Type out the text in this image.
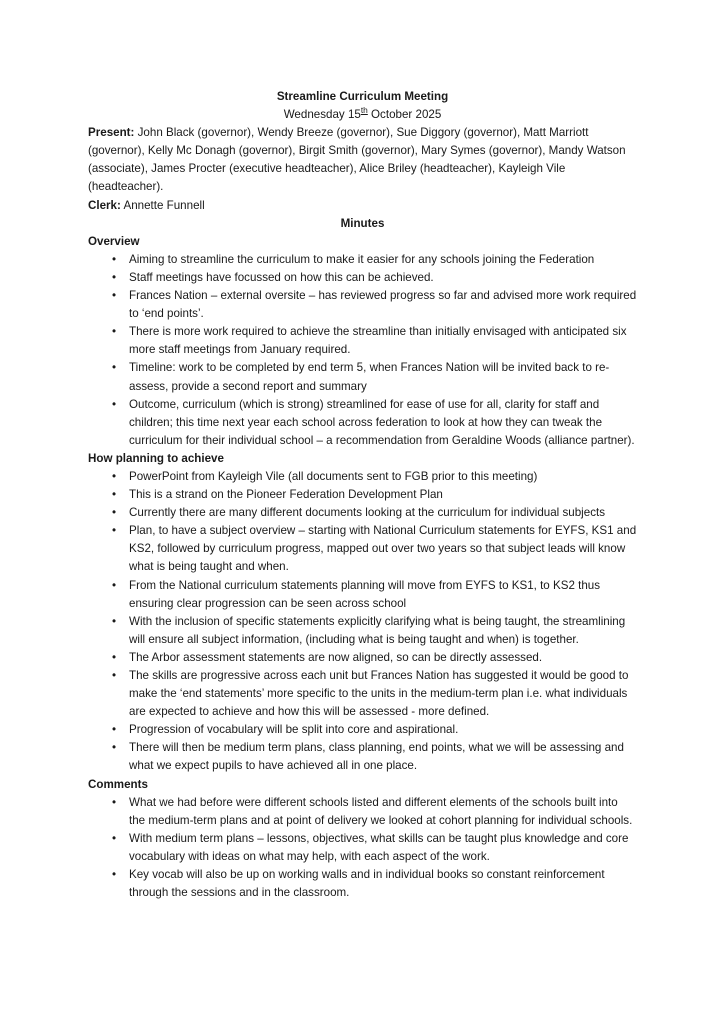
Streamline Curriculum Meeting
Wednesday 15th October 2025
Present: John Black (governor), Wendy Breeze (governor), Sue Diggory (governor), Matt Marriott (governor), Kelly Mc Donagh (governor), Birgit Smith (governor), Mary Symes (governor), Mandy Watson (associate), James Procter (executive headteacher), Alice Briley (headteacher), Kayleigh Vile (headteacher).
Clerk: Annette Funnell
Minutes
Overview
• Aiming to streamline the curriculum to make it easier for any schools joining the Federation
• Staff meetings have focussed on how this can be achieved.
• Frances Nation – external oversite – has reviewed progress so far and advised more work required to ‘end points’.
• There is more work required to achieve the streamline than initially envisaged with anticipated six more staff meetings from January required.
• Timeline: work to be completed by end term 5, when Frances Nation will be invited back to re-assess, provide a second report and summary
• Outcome, curriculum (which is strong) streamlined for ease of use for all, clarity for staff and children; this time next year each school across federation to look at how they can tweak the curriculum for their individual school – a recommendation from Geraldine Woods (alliance partner).
How planning to achieve
• PowerPoint from Kayleigh Vile (all documents sent to FGB prior to this meeting)
• This is a strand on the Pioneer Federation Development Plan
• Currently there are many different documents looking at the curriculum for individual subjects
• Plan, to have a subject overview – starting with National Curriculum statements for EYFS, KS1 and KS2, followed by curriculum progress, mapped out over two years so that subject leads will know what is being taught and when.
• From the National curriculum statements planning will move from EYFS to KS1, to KS2 thus ensuring clear progression can be seen across school
• With the inclusion of specific statements explicitly clarifying what is being taught, the streamlining will ensure all subject information, (including what is being taught and when) is together.
• The Arbor assessment statements are now aligned, so can be directly assessed.
• The skills are progressive across each unit but Frances Nation has suggested it would be good to make the ‘end statements’ more specific to the units in the medium-term plan i.e. what individuals are expected to achieve and how this will be assessed - more defined.
• Progression of vocabulary will be split into core and aspirational.
• There will then be medium term plans, class planning, end points, what we will be assessing and what we expect pupils to have achieved all in one place.
Comments
• What we had before were different schools listed and different elements of the schools built into the medium-term plans and at point of delivery we looked at cohort planning for individual schools.
• With medium term plans – lessons, objectives, what skills can be taught plus knowledge and core vocabulary with ideas on what may help, with each aspect of the work.
• Key vocab will also be up on working walls and in individual books so constant reinforcement through the sessions and in the classroom.
